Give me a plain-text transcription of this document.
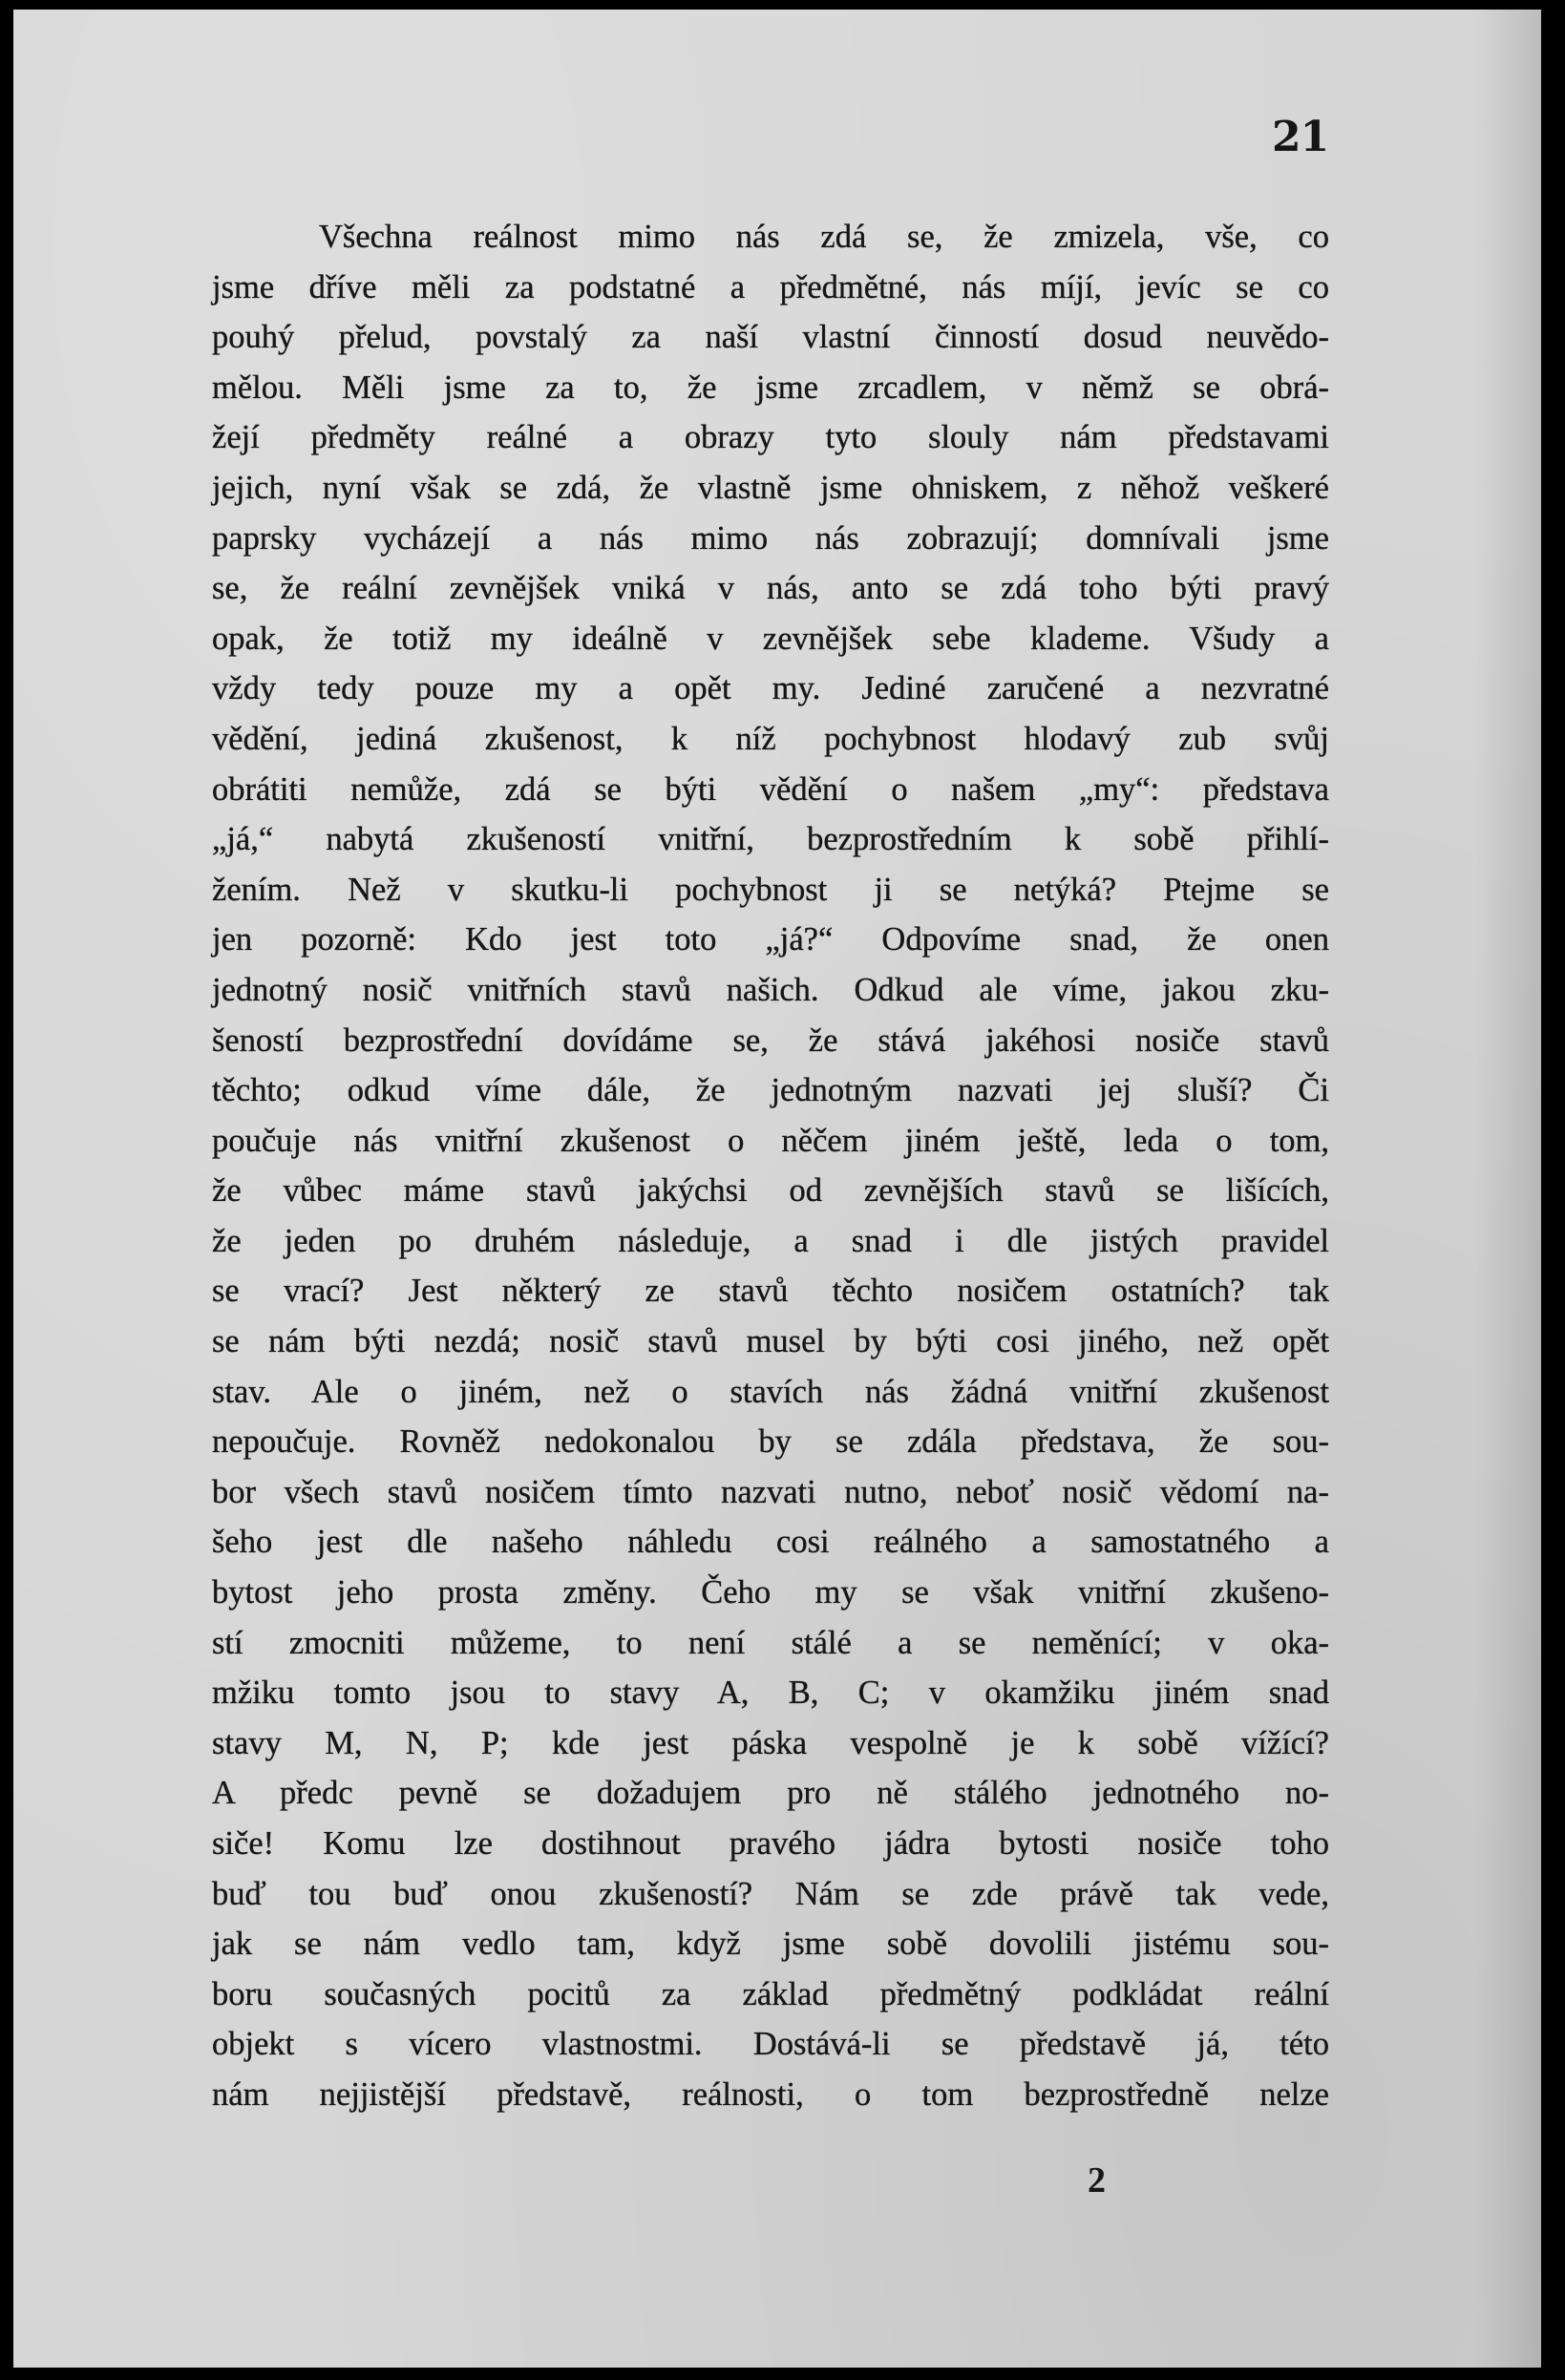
21
Všechna reálnost mimo nás zdá se, že zmizela, vše, co
jsme dříve měli za podstatné a předmětné, nás míjí, jevíc se co
pouhý přelud, povstalý za naší vlastní činností dosud neuvědo-
mělou. Měli jsme za to, že jsme zrcadlem, v němž se obrá-
žejí předměty reálné a obrazy tyto slouly nám představami
jejich, nyní však se zdá, že vlastně jsme ohniskem, z něhož veškeré
paprsky vycházejí a nás mimo nás zobrazují; domnívali jsme
se, že reální zevnějšek vniká v nás, anto se zdá toho býti pravý
opak, že totiž my ideálně v zevnějšek sebe klademe. Všudy a
vždy tedy pouze my a opět my. Jediné zaručené a nezvratné
vědění, jediná zkušenost, k níž pochybnost hlodavý zub svůj
obrátiti nemůže, zdá se býti vědění o našem „my“: představa
„já,“ nabytá zkušeností vnitřní, bezprostředním k sobě přihlí-
žením. Než v skutku-li pochybnost ji se netýká? Ptejme se
jen pozorně: Kdo jest toto „já?“ Odpovíme snad, že onen
jednotný nosič vnitřních stavů našich. Odkud ale víme, jakou zku-
šeností bezprostřední dovídáme se, že stává jakéhosi nosiče stavů
těchto; odkud víme dále, že jednotným nazvati jej sluší? Či
poučuje nás vnitřní zkušenost o něčem jiném ještě, leda o tom,
že vůbec máme stavů jakýchsi od zevnějších stavů se lišících,
že jeden po druhém následuje, a snad i dle jistých pravidel
se vrací? Jest některý ze stavů těchto nosičem ostatních? tak
se nám býti nezdá; nosič stavů musel by býti cosi jiného, než opět
stav. Ale o jiném, než o stavích nás žádná vnitřní zkušenost
nepoučuje. Rovněž nedokonalou by se zdála představa, že sou-
bor všech stavů nosičem tímto nazvati nutno, neboť nosič vědomí na-
šeho jest dle našeho náhledu cosi reálného a samostatného a
bytost jeho prosta změny. Čeho my se však vnitřní zkušeno-
stí zmocniti můžeme, to není stálé a se neměnící; v oka-
mžiku tomto jsou to stavy A, B, C; v okamžiku jiném snad
stavy M, N, P; kde jest páska vespolně je k sobě vížící?
A předc pevně se dožadujem pro ně stálého jednotného no-
siče! Komu lze dostihnout pravého jádra bytosti nosiče toho
buď tou buď onou zkušeností? Nám se zde právě tak vede,
jak se nám vedlo tam, když jsme sobě dovolili jistému sou-
boru současných pocitů za základ předmětný podkládat reální
objekt s vícero vlastnostmi. Dostává-li se představě já, této
nám nejjistější představě, reálnosti, o tom bezprostředně nelze
2
